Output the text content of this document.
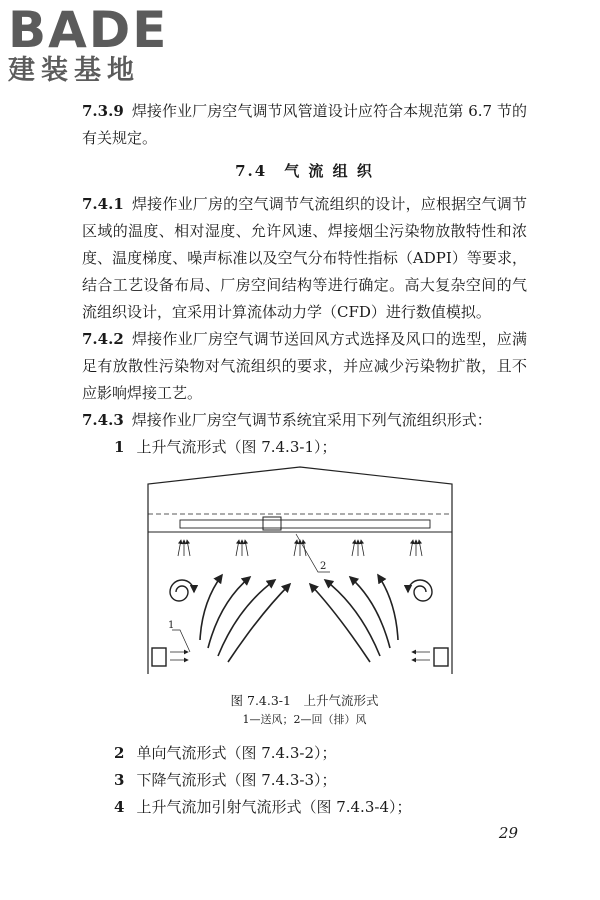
BADE
建装基地

7.3.9 焊接作业厂房空气调节风管道设计应符合本规范第 6.7 节的有关规定。

7.4　气 流 组 织

7.4.1 焊接作业厂房的空气调节气流组织的设计，应根据空气调节区域的温度、相对湿度、允许风速、焊接烟尘污染物放散特性和浓度、温度梯度、噪声标准以及空气分布特性指标（ADPI）等要求，结合工艺设备布局、厂房空间结构等进行确定。高大复杂空间的气流组织设计，宜采用计算流体动力学（CFD）进行数值模拟。

7.4.2 焊接作业厂房空气调节送回风方式选择及风口的选型，应满足有放散性污染物对气流组织的要求，并应减少污染物扩散，且不应影响焊接工艺。

7.4.3 焊接作业厂房空气调节系统宜采用下列气流组织形式：

1 上升气流形式（图 7.4.3-1）；

1
2
图 7.4.3-1　上升气流形式
1—送风；2—回（排）风

2 单向气流形式（图 7.4.3-2）；

3 下降气流形式（图 7.4.3-3）；

4 上升气流加引射气流形式（图 7.4.3-4）；

29
